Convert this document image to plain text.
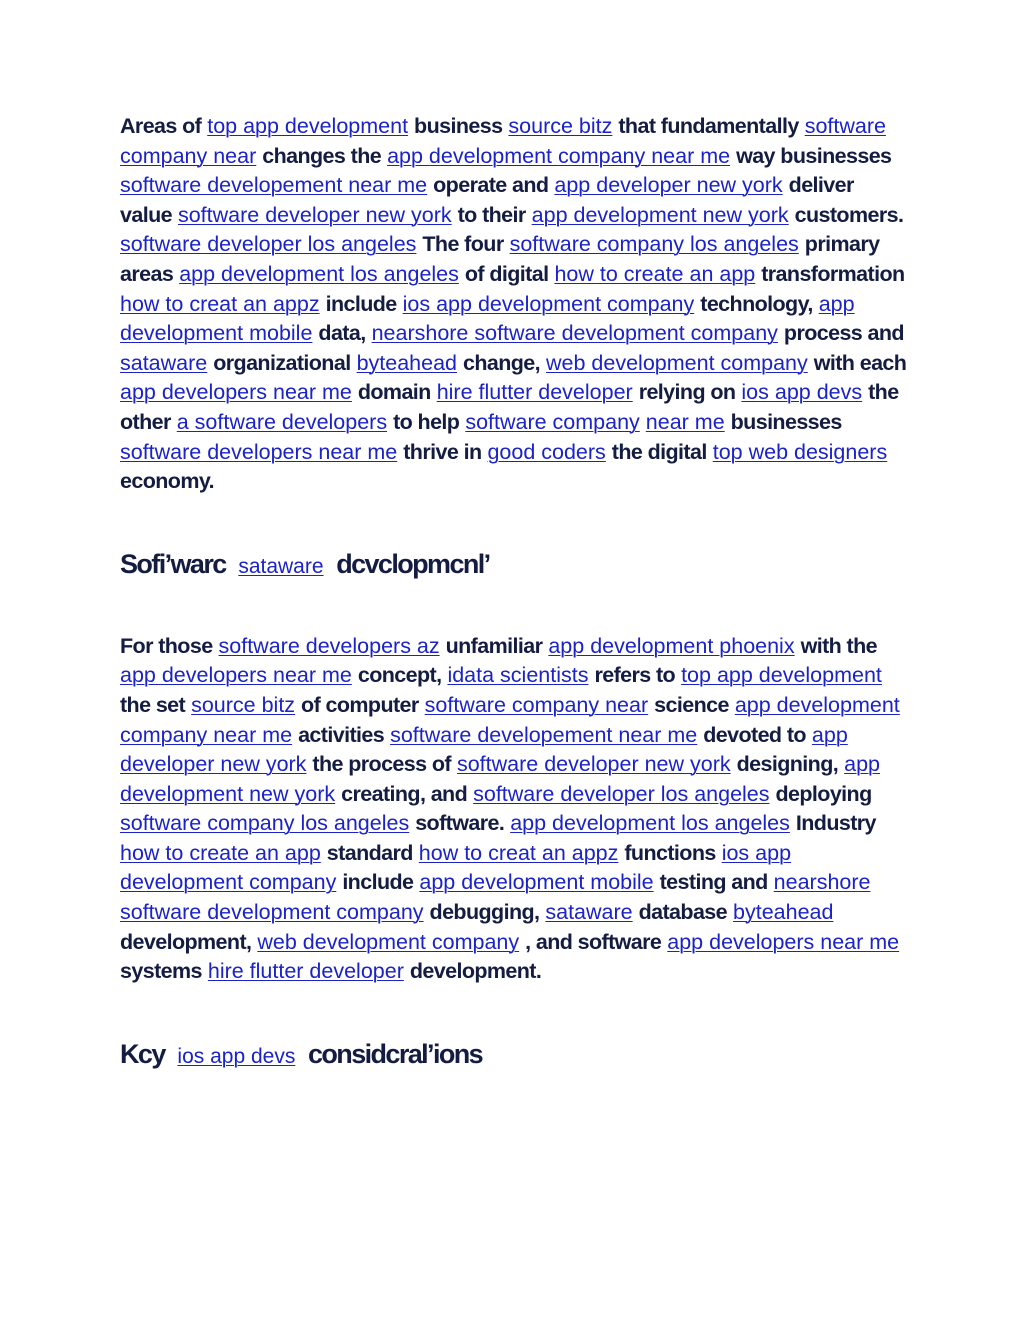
Areas of top app development business source bitz that fundamentally software company near changes the app development company near me way businesses software developement near me operate and app developer new york deliver value software developer new york to their app development new york customers. software developer los angeles The four software company los angeles primary areas app development los angeles of digital how to create an app transformation how to creat an appz include ios app development company technology, app development mobile data, nearshore software development company process and sataware organizational byteahead change, web development company with each app developers near me domain hire flutter developer relying on ios app devs the other a software developers to help software company near me businesses software developers near me thrive in good coders the digital top web designers economy.

Sofi’warc sataware dcvclopmcnl’

For those software developers az unfamiliar app development phoenix with the app developers near me concept, idata scientists refers to top app development the set source bitz of computer software company near science app development company near me activities software developement near me devoted to app developer new york the process of software developer new york designing, app development new york creating, and software developer los angeles deploying software company los angeles software. app development los angeles Industry how to create an app standard how to creat an appz functions ios app development company include app development mobile testing and nearshore software development company debugging, sataware database byteahead development, web development company , and software app developers near me systems hire flutter developer development.

Kcy ios app devs considcral’ions
